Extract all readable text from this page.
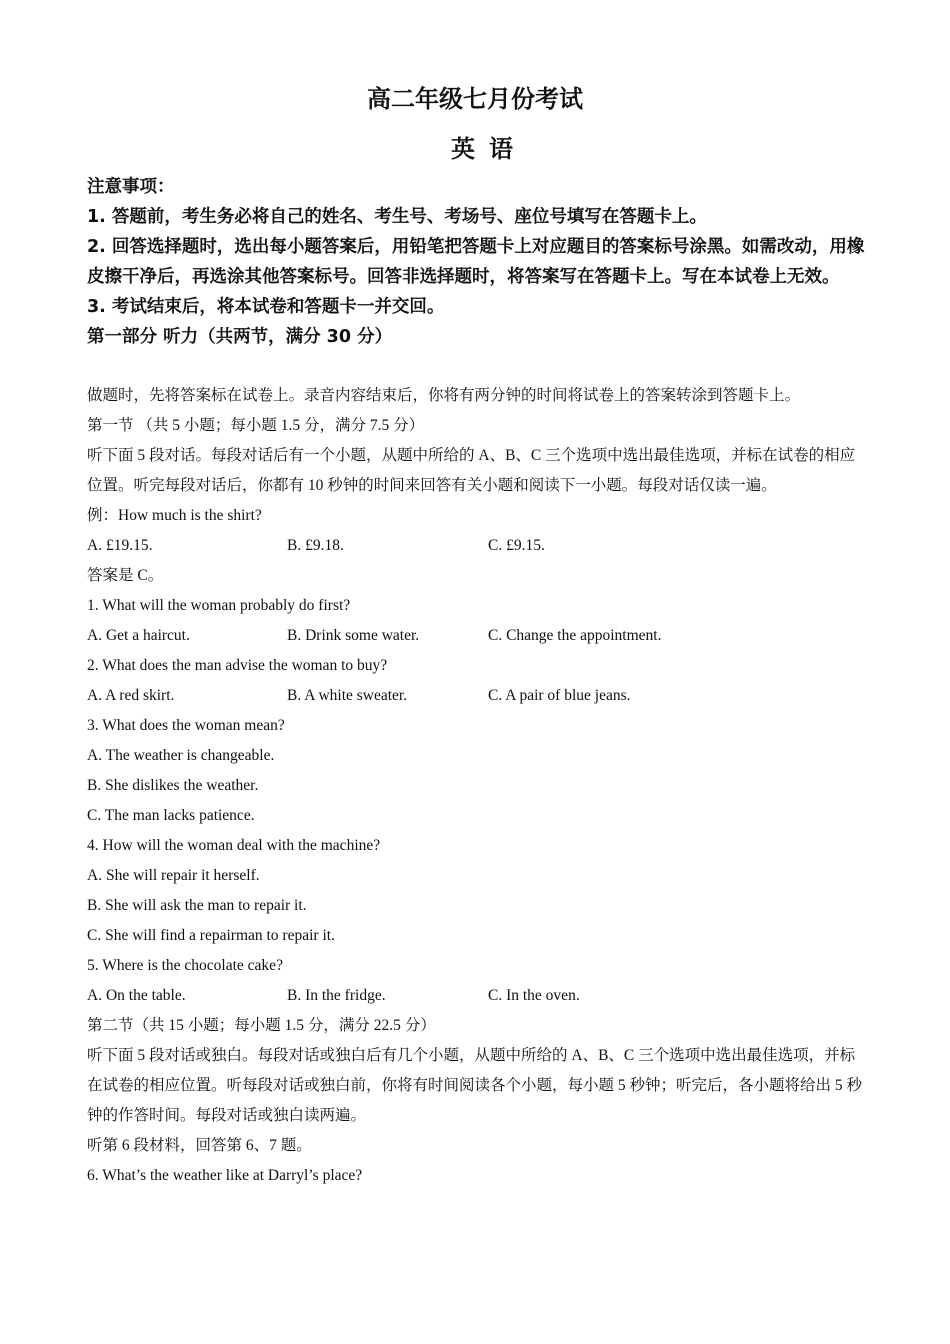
高二年级七月份考试
英语

注意事项：

1. 答题前，考生务必将自己的姓名、考生号、考场号、座位号填写在答题卡上。

2. 回答选择题时，选出每小题答案后，用铅笔把答题卡上对应题目的答案标号涂黑。如需改动，用橡皮擦干净后，再选涂其他答案标号。回答非选择题时，将答案写在答题卡上。写在本试卷上无效。

3. 考试结束后，将本试卷和答题卡一并交回。

第一部分 听力（共两节，满分 30 分）

做题时，先将答案标在试卷上。录音内容结束后，你将有两分钟的时间将试卷上的答案转涂到答题卡上。

第一节 （共 5 小题；每小题 1.5 分，满分 7.5 分）

听下面 5 段对话。每段对话后有一个小题，从题中所给的 A、B、C 三个选项中选出最佳选项，并标在试卷的相应位置。听完每段对话后，你都有 10 秒钟的时间来回答有关小题和阅读下一小题。每段对话仅读一遍。

例：How much is the shirt?

A. £19.15.	B. £9.18.	C. £9.15.

答案是 C。

1. What will the woman probably do first?

A. Get a haircut.	B. Drink some water.	C. Change the appointment.

2. What does the man advise the woman to buy?

A. A red skirt.	B. A white sweater.	C. A pair of blue jeans.

3. What does the woman mean?

A. The weather is changeable.

B. She dislikes the weather.

C. The man lacks patience.

4. How will the woman deal with the machine?

A. She will repair it herself.

B. She will ask the man to repair it.

C. She will find a repairman to repair it.

5. Where is the chocolate cake?

A. On the table.	B. In the fridge.	C. In the oven.

第二节（共 15 小题；每小题 1.5 分，满分 22.5 分）

听下面 5 段对话或独白。每段对话或独白后有几个小题，从题中所给的 A、B、C 三个选项中选出最佳选项，并标在试卷的相应位置。听每段对话或独白前，你将有时间阅读各个小题，每小题 5 秒钟；听完后，各小题将给出 5 秒钟的作答时间。每段对话或独白读两遍。

听第 6 段材料，回答第 6、7 题。

6. What’s the weather like at Darryl’s place?
